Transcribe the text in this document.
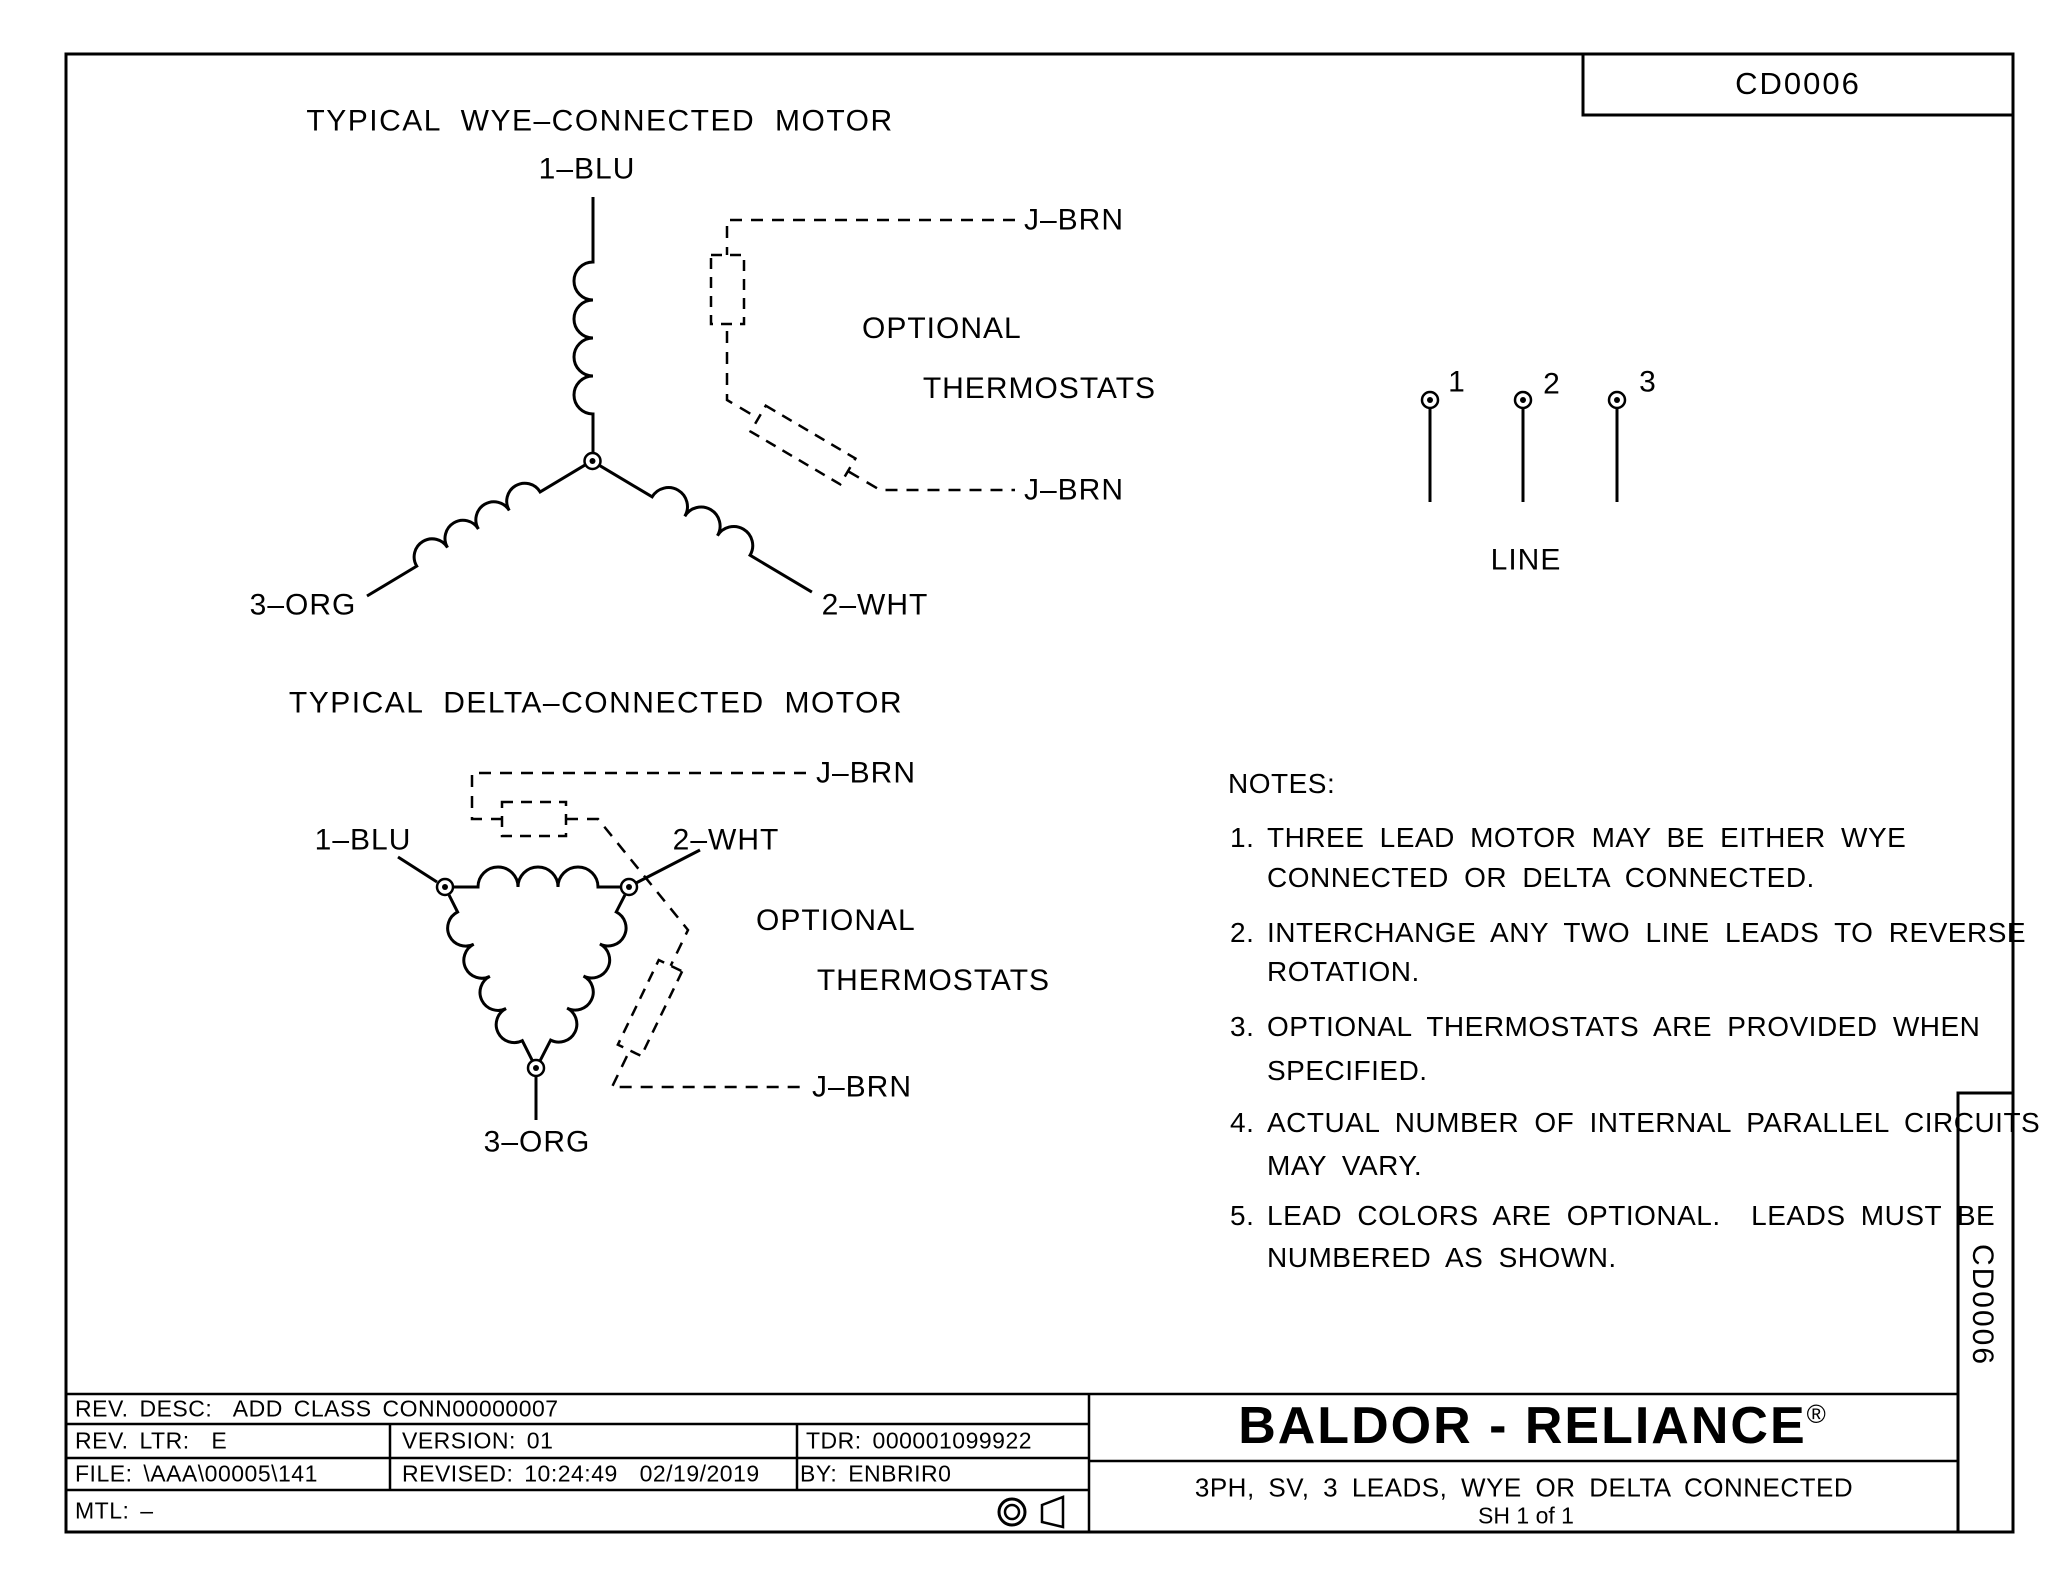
TYPICAL WYE–CONNECTED MOTOR
1–BLU
3–ORG	2–WHT
J–BRN
J–BRN
OPTIONAL

THERMOSTATS
TYPICAL DELTA–CONNECTED MOTOR
J–BRN
1–BLU	2–WHT
OPTIONAL

THERMOSTATS
J–BRN
3–ORG
1	2	3
LINE
NOTES:
1. THREE LEAD MOTOR MAY BE EITHER WYE
CONNECTED OR DELTA CONNECTED.
2. INTERCHANGE ANY TWO LINE LEADS TO REVERSE
ROTATION.
3. OPTIONAL THERMOSTATS ARE PROVIDED WHEN
SPECIFIED.
4. ACTUAL NUMBER OF INTERNAL PARALLEL CIRCUITS
MAY VARY.
5. LEAD COLORS ARE OPTIONAL.  LEADS MUST BE
NUMBERED AS SHOWN.
CD0006
CD0006
REV. DESC:  ADD CLASS CONN00000007
REV. LTR:  E	VERSION: 01	TDR: 000001099922
FILE: \AAA\00005\141	REVISED: 10:24:49  02/19/2019 BY: ENBRIR0
MTL: –
BALDOR - RELIANCE®
3PH, SV, 3 LEADS, WYE OR DELTA CONNECTED
SH 1 of 1
